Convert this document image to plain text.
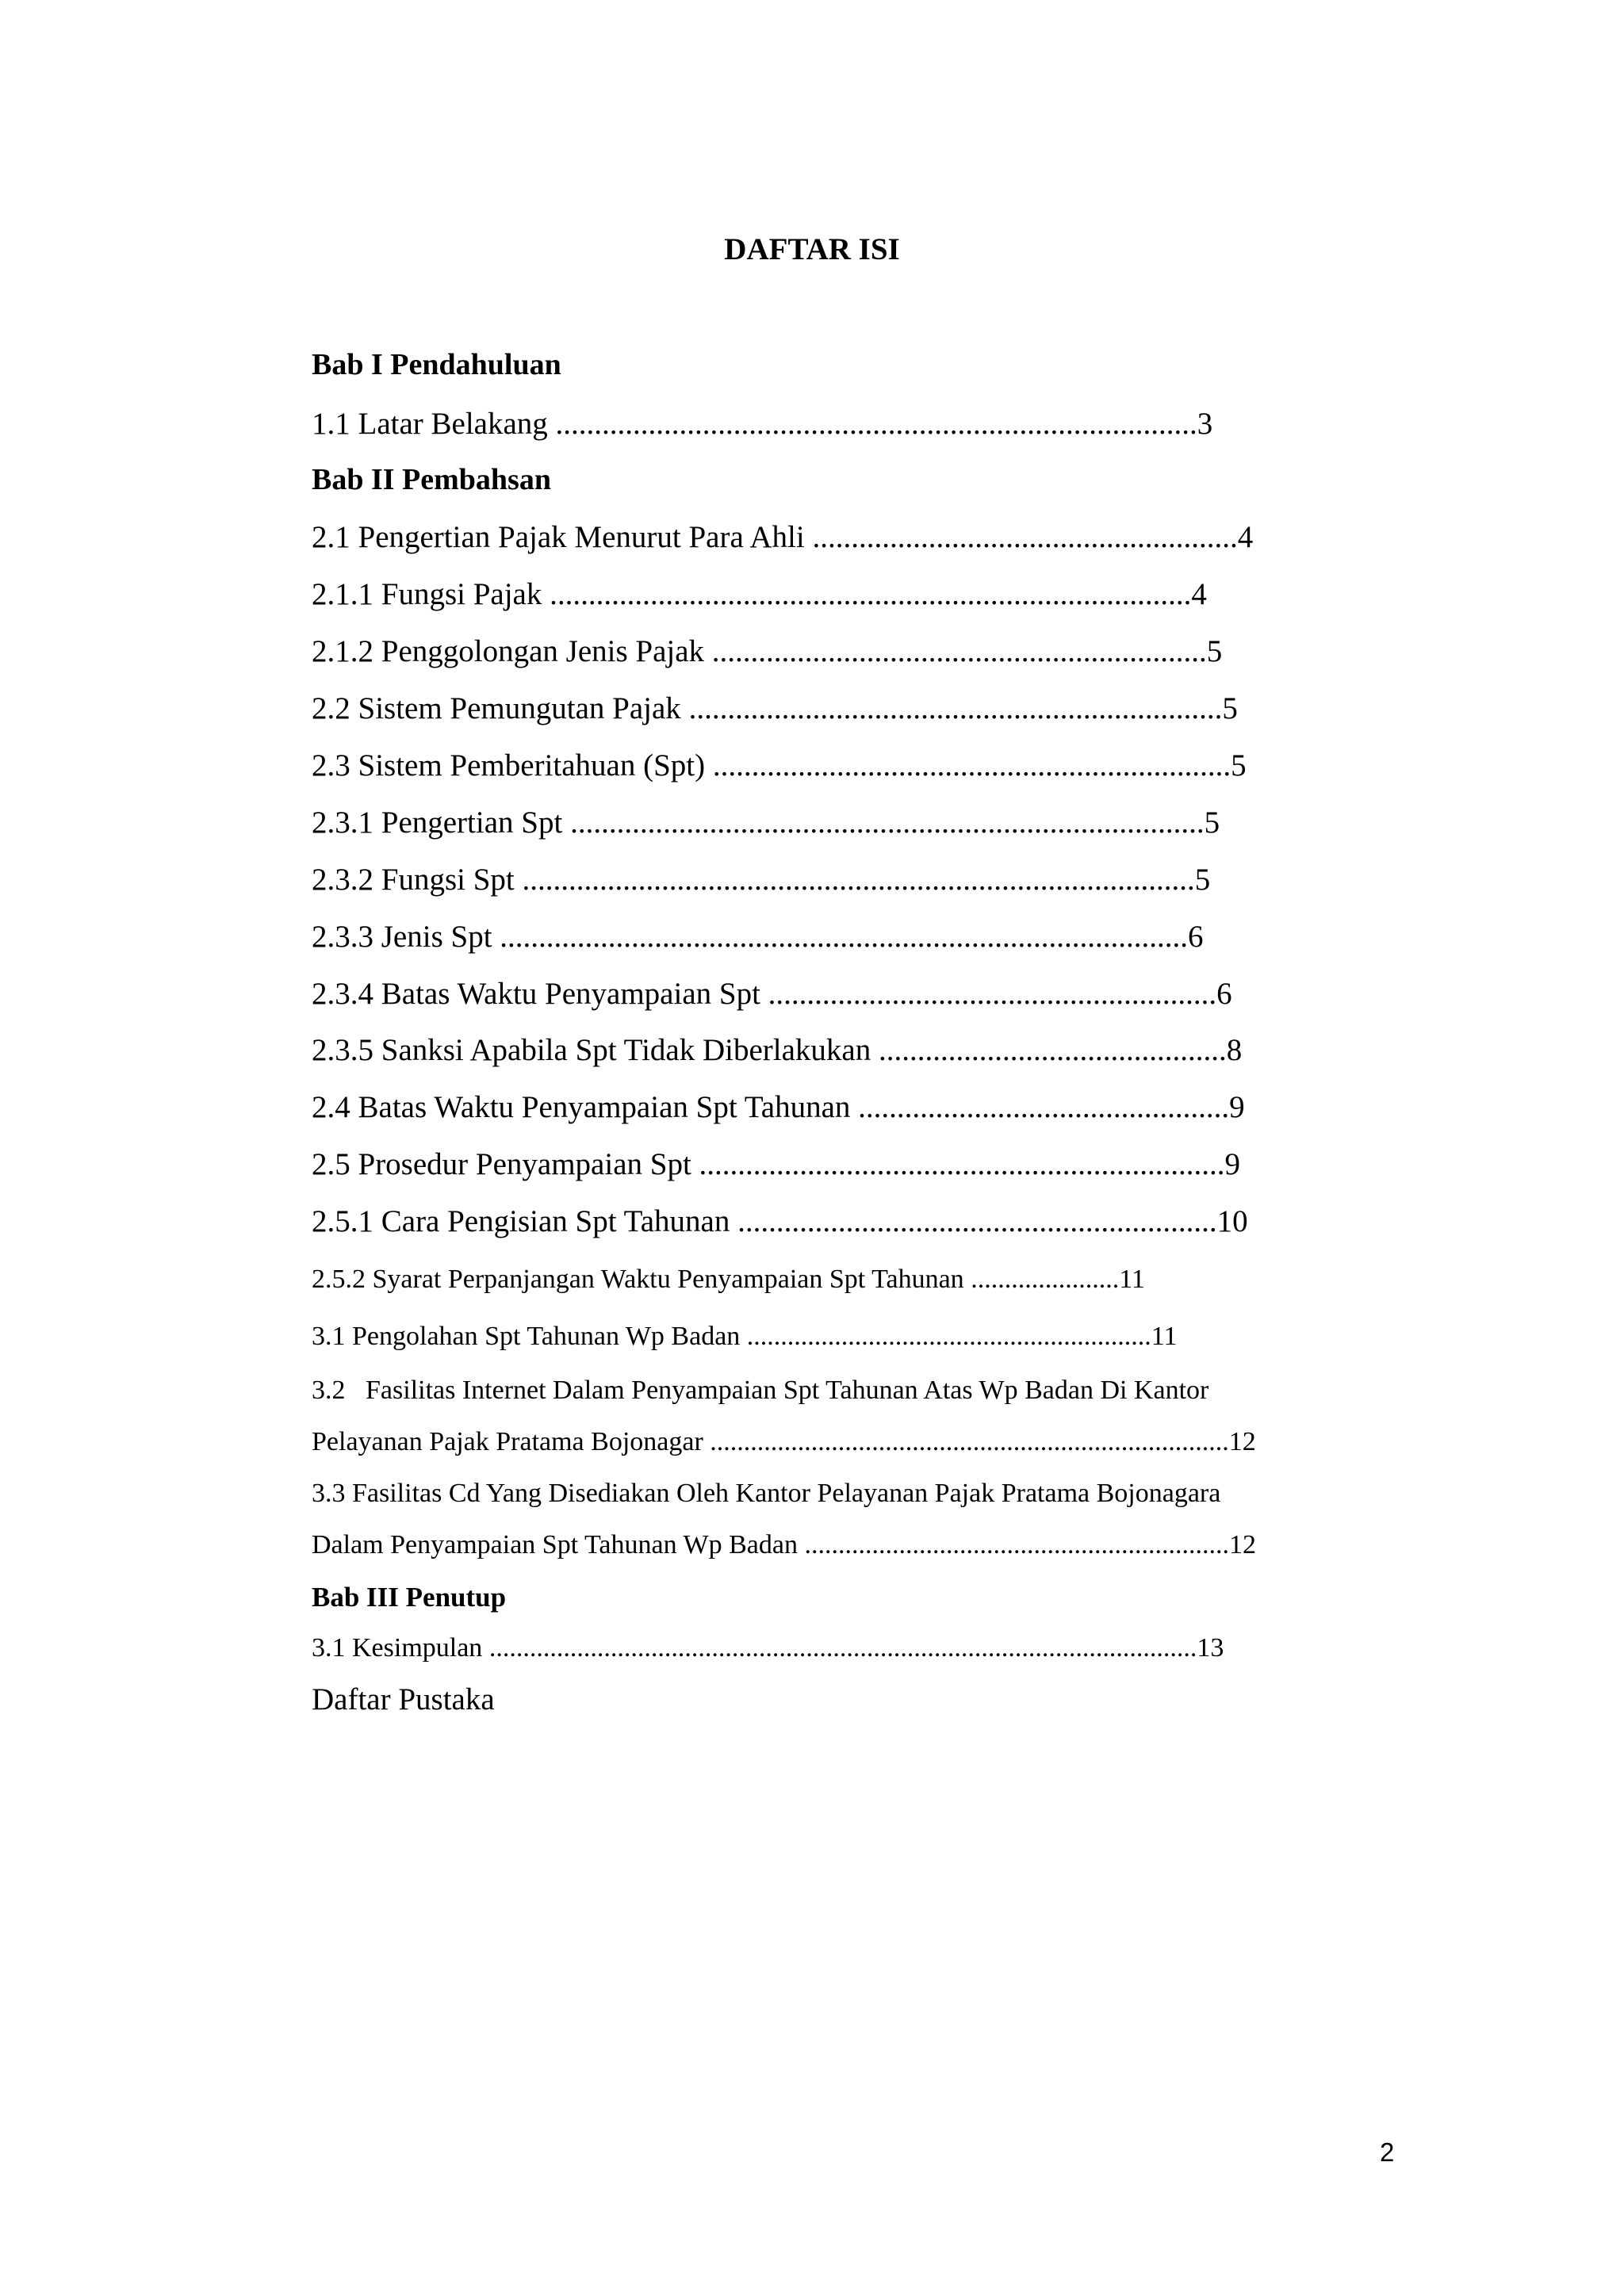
DAFTAR ISI
Bab I Pendahuluan
1.1 Latar Belakang ...................................................................................3
Bab II Pembahsan
2.1 Pengertian Pajak Menurut Para Ahli .......................................................4
2.1.1 Fungsi Pajak ...................................................................................4
2.1.2 Penggolongan Jenis Pajak ................................................................5
2.2 Sistem Pemungutan Pajak .....................................................................5
2.3 Sistem Pemberitahuan (Spt) ...................................................................5
2.3.1 Pengertian Spt ..................................................................................5
2.3.2 Fungsi Spt .......................................................................................5
2.3.3 Jenis Spt .........................................................................................6
2.3.4 Batas Waktu Penyampaian Spt ..........................................................6
2.3.5 Sanksi Apabila Spt Tidak Diberlakukan .............................................8
2.4 Batas Waktu Penyampaian Spt Tahunan ................................................9
2.5 Prosedur Penyampaian Spt ....................................................................9
2.5.1 Cara Pengisian Spt Tahunan ..............................................................10
2.5.2 Syarat Perpanjangan Waktu Penyampaian Spt Tahunan ......................11
3.1 Pengolahan Spt Tahunan Wp Badan ............................................................11
3.2   Fasilitas Internet Dalam Penyampaian Spt Tahunan Atas Wp Badan Di Kantor
Pelayanan Pajak Pratama Bojonagar .............................................................................12
3.3 Fasilitas Cd Yang Disediakan Oleh Kantor Pelayanan Pajak Pratama Bojonagara
Dalam Penyampaian Spt Tahunan Wp Badan ...............................................................12
Bab III Penutup
3.1 Kesimpulan .........................................................................................................13
Daftar Pustaka
2
